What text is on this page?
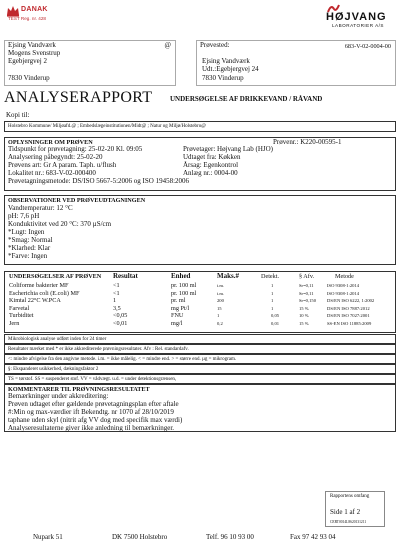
DANAK
TEST Reg. nr. 428	HØJVANG
LABORATORIER A/S
Ejsing Vandværk
Mogens Svenstrup
Egebjergvej 2
7830 Vinderup
@	Prøvested:	683-V-02-0004-00
Ejsing Vandværk
Udt.:Egebjergvej 24
7830 Vinderup
ANALYSERAPPORT	UNDERSØGELSE AF DRIKKEVAND / RÅVAND
Kopi til:
Holstebro Kommune/ Miljøafd.@ ; Embedslægeinstitutionen/Midt@ ; Natur og Miljø/Holstebro@
OPLYSNINGER OM PRØVEN	Prøvenr.: K220-00595-1
Tidspunkt for prøvetagning: 25-02-20 Kl. 09:05
Analysering påbegyndt: 25-02-20
Prøvens art: Gr A param. Taph. u/flush
Lokalitet nr.: 683-V-02-000400
Prøvetagningsmetode: DS/ISO 5667-5:2006 og ISO 19458:2006
Prøvetager: Højvang Lab (HJO)
Udtaget fra: Køkken
Årsag: Egenkontrol
Anlæg nr.: 0004-00
OBSERVATIONER VED PRØVEUDTAGNINGEN
Vandtemperatur: 12 °C
pH: 7,6 pH
Konduktivitet ved 20 °C: 370 µS/cm
*Lugt: Ingen
*Smag: Normal
*Klarhed: Klar
*Farve: Ingen
UNDERSØGELSER AF PRØVEN Resultat	Enhed	Maks.#	Detekt.	§ Afv.	Metode
Coliforme bakterier MF	<1	pr. 100 ml	i.m.	1	Sr=0,11	ISO 9308-1:2014
Escherichia coli (E.coli) MF	<1	pr. 100 ml	i.m.	1	Sr=0,11	ISO 9308-1:2014
Kimtal 22°C W.PCA	1	pr. ml	200	1	Sr=0,150 DS/EN ISO 6222, 1:2002
Farvetal	3,5	mg Pt/l	15	1	15 %	DS/EN ISO 7887:2012
Turbiditet	<0,05	FNU	1	0,05	10 %	DS/EN ISO 7027:2001
Jern	<0,01	mg/l	0,2	0,01	15 %	SS-EN ISO 11885:2009
Mikrobiologisk analyse udført inden for 24 timer
Resultater mærket med * er ikke akkrediterede prøvningsresultater. Afv : Rel. standardafv.
<: mindre afvigelse fra den angivne metode. i.m. = ikke målelig. < = mindre end. > = større end. µg = mikrogram.
§: Ekspanderet usikkerhed, dækningsfaktor 2
TS = tørstof. SS = suspenderet stof. VV = vådvægt. u.d. = under detektionsgrænsen,
KOMMENTARER TIL PRØVNINGSRESULTATET
Bemærkninger under akkreditering:
Prøven udtaget efter gældende prøvetagningsplan efter aftale
#:Min og max-værdier ift Bekendtg. nr 1070 af 28/10/2019
taphane uden skyl (nitrit afg VV dog med specifik max værdi)
Analyseresultaterne giver ikke anledning til bemærkninger.
Rapportens omfang
Side 1 af 2
CERT0014L8620131211
Nupark 51	DK 7500 Holstebro	Telf. 96 10 93 00	Fax 97 42 93 04
